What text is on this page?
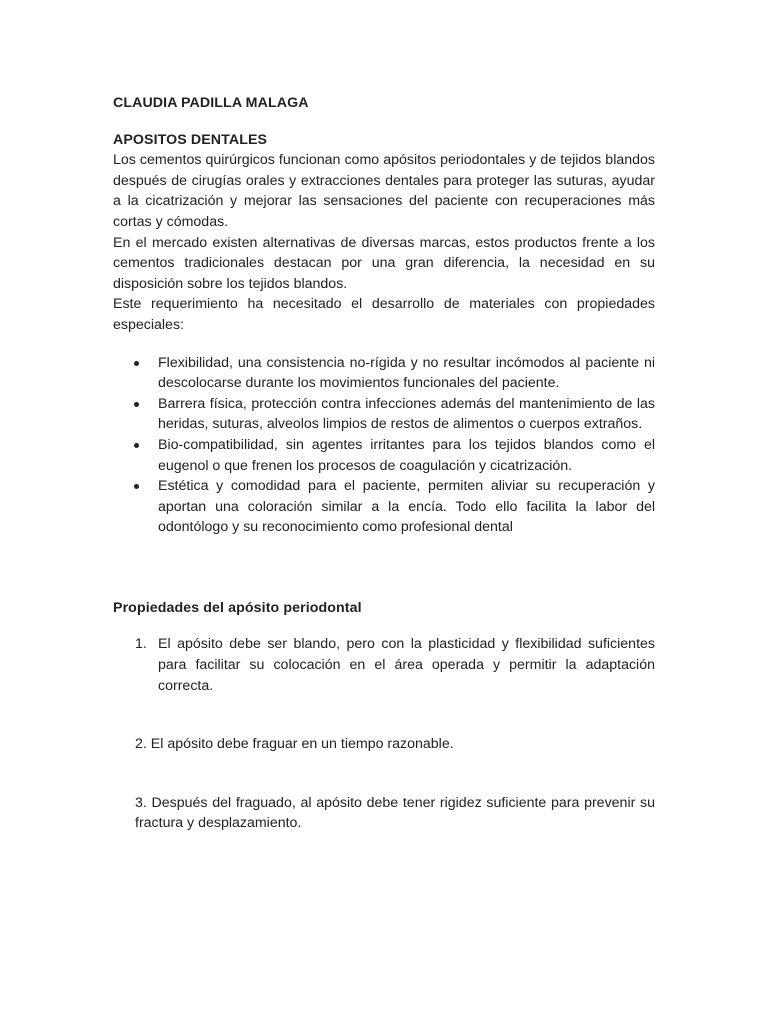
CLAUDIA PADILLA MALAGA
APOSITOS DENTALES

Los cementos quirúrgicos funcionan como apósitos periodontales y de tejidos blandos después de cirugías orales y extracciones dentales para proteger las suturas, ayudar a la cicatrización y mejorar las sensaciones del paciente con recuperaciones más cortas y cómodas.

En el mercado existen alternativas de diversas marcas, estos productos frente a los cementos tradicionales destacan por una gran diferencia, la necesidad en su disposición sobre los tejidos blandos.

Este requerimiento ha necesitado el desarrollo de materiales con propiedades especiales:

Flexibilidad, una consistencia no-rígida y no resultar incómodos al paciente ni descolocarse durante los movimientos funcionales del paciente.
Barrera física, protección contra infecciones además del mantenimiento de las heridas, suturas, alveolos limpios de restos de alimentos o cuerpos extraños.
Bio-compatibilidad, sin agentes irritantes para los tejidos blandos como el eugenol o que frenen los procesos de coagulación y cicatrización.
Estética y comodidad para el paciente, permiten aliviar su recuperación y aportan una coloración similar a la encía. Todo ello facilita la labor del odontólogo y su reconocimiento como profesional dental
Propiedades del apósito periodontal
1. El apósito debe ser blando, pero con la plasticidad y flexibilidad suficientes para facilitar su colocación en el área operada y permitir la adaptación correcta.
2. El apósito debe fraguar en un tiempo razonable.
3. Después del fraguado, al apósito debe tener rigidez suficiente para prevenir su fractura y desplazamiento.
